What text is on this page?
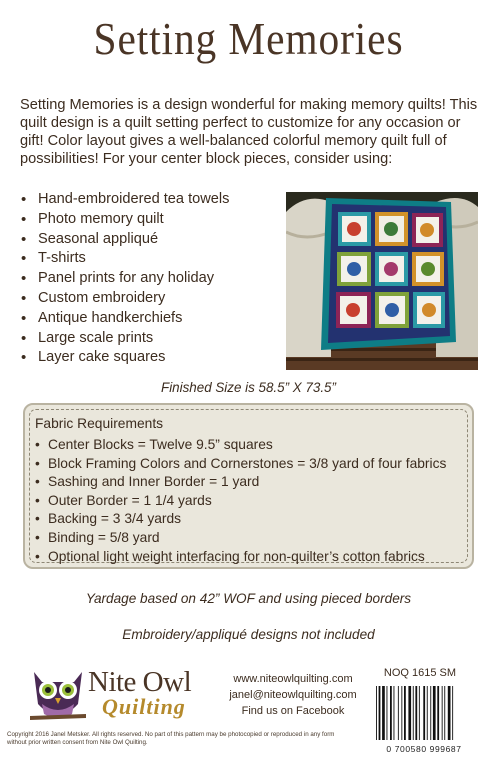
Setting Memories
Setting Memories is a design wonderful for making memory quilts! This quilt design is a quilt setting perfect to customize for any occasion or gift! Color layout gives a well-balanced colorful memory quilt full of possibilities! For your center block pieces, consider using:
• Hand-embroidered tea towels
• Photo memory quilt
• Seasonal appliqué
• T-shirts
• Panel prints for any holiday
• Custom embroidery
• Antique handkerchiefs
• Large scale prints
• Layer cake squares
Finished Size is 58.5” X 73.5”
Fabric Requirements
• Center Blocks = Twelve 9.5” squares
• Block Framing Colors and Cornerstones = 3/8 yard of four fabrics
• Sashing and Inner Border = 1 yard
• Outer Border = 1 1/4 yards
• Backing = 3 3/4 yards
• Binding = 5/8 yard
• Optional light weight interfacing for non-quilter’s cotton fabrics
Yardage based on 42” WOF and using pieced borders
Embroidery/appliqué designs not included
Nite Owl
Quilting
www.niteowlquilting.com
janel@niteowlquilting.com
Find us on Facebook
NOQ 1615 SM
0 700580 999687
Copyright 2016 Janel Metsker. All rights reserved. No part of this pattern may be photocopied or reproduced in any form without prior written consent from Nite Owl Quilting.
